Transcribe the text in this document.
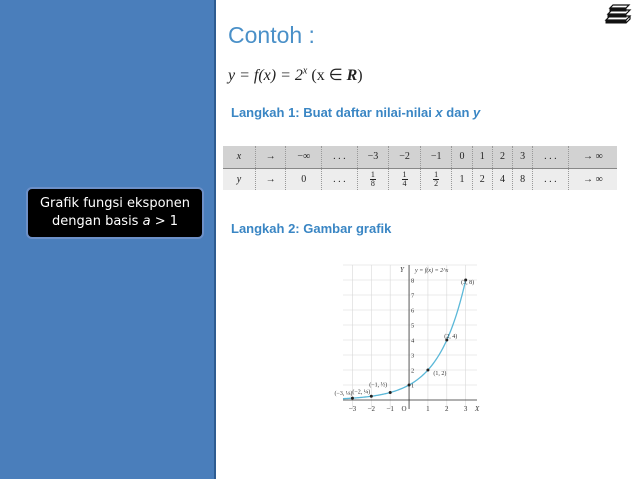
Grafik fungsi eksponen
dengan basis a > 1
Contoh :
$y = f(x) = 2^x$ (x ∈ R)
Langkah 1: Buat daftar nilai-nilai x dan y
x	→	−∞	. . .	−3	−2	−1	0	1	2	3	. . .	→ ∞
y	→	0	. . .	$\frac{1}{8}$	$\frac{1}{4}$	$\frac{1}{2}$	1	2	4	8	. . .	→ ∞
Langkah 2: Gambar grafik
X
Y
−3 −2 −1 O	1 2 3
1
2
3
4
5
6
7
8
y = f(x) = 2^x
(−3, ⅛) (−2, ¼)
(−1, ½)
(1, 2)
(2, 4)
(3, 8)
